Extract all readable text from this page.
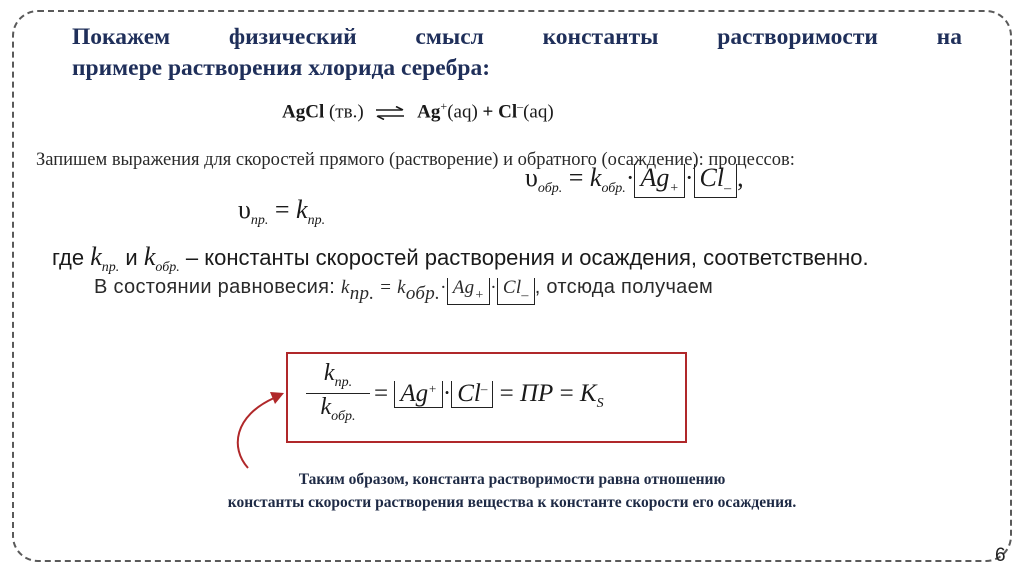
Покажем физический смысл константы растворимости на
примере растворения хлорида серебра:
AgCl (тв.) ⇌ Ag+(aq) + Cl–(aq)
Запишем выражения для скоростей прямого (растворение) и обратного (осаждение): процессов:
$\upsilon_{обр.} = k_{обр.}\cdot Ag_+ \cdot Cl_-$ ,
$\upsilon_{пр.} = k_{пр.}$
где $k_{пр.}$ и $k_{обр.}$ – константы скоростей растворения и осаждения, соответственно.
В состоянии равновесия: $k_{пр.} = k_{обр.}\cdot Ag_+ \cdot Cl_-$ , отсюда получаем
$k_{пр.}$
$k_{обр.}$
= Ag+ · Cl– = ПР = $K_S$
Таким образом, константа растворимости равна отношению
константы скорости растворения вещества к константе скорости его осаждения.
6
